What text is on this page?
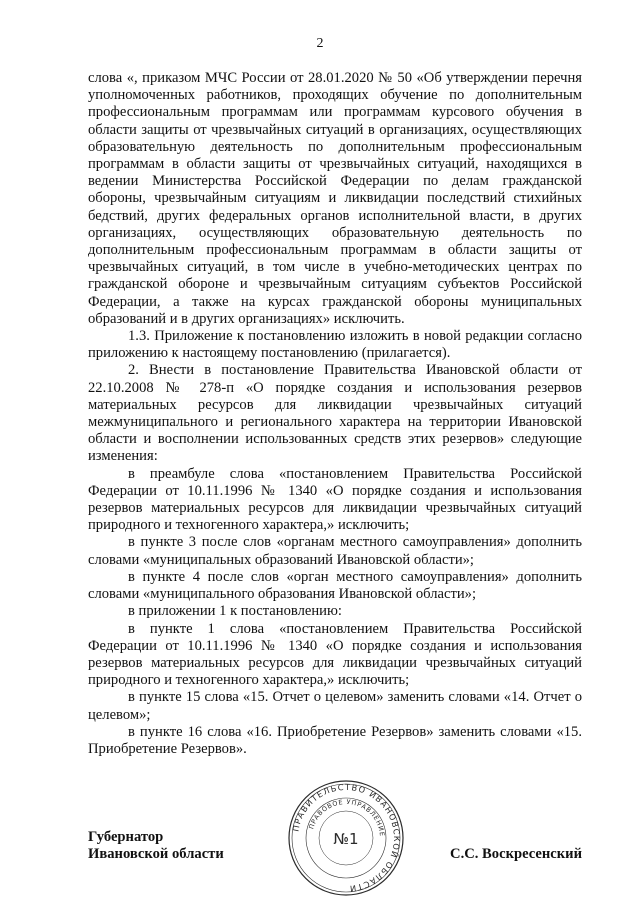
2

слова «, приказом МЧС России от 28.01.2020 № 50 «Об утверждении перечня уполномоченных работников, проходящих обучение по дополнительным профессиональным программам или программам курсового обучения в области защиты от чрезвычайных ситуаций в организациях, осуществляющих образовательную деятельность по дополнительным профессиональным программам в области защиты от чрезвычайных ситуаций, находящихся в ведении Министерства Российской Федерации по делам гражданской обороны, чрезвычайным ситуациям и ликвидации последствий стихийных бедствий, других федеральных органов исполнительной власти, в других организациях, осуществляющих образовательную деятельность по дополнительным профессиональным программам в области защиты от чрезвычайных ситуаций, в том числе в учебно-методических центрах по гражданской обороне и чрезвычайным ситуациям субъектов Российской Федерации, а также на курсах гражданской обороны муниципальных образований и в других организациях» исключить.

1.3. Приложение к постановлению изложить в новой редакции согласно приложению к настоящему постановлению (прилагается).

2. Внести в постановление Правительства Ивановской области от 22.10.2008 № 278-п «О порядке создания и использования резервов материальных ресурсов для ликвидации чрезвычайных ситуаций межмуниципального и регионального характера на территории Ивановской области и восполнении использованных средств этих резервов» следующие изменения:

в преамбуле слова «постановлением Правительства Российской Федерации от 10.11.1996 № 1340 «О порядке создания и использования резервов материальных ресурсов для ликвидации чрезвычайных ситуаций природного и техногенного характера,» исключить;

в пункте 3 после слов «органам местного самоуправления» дополнить словами «муниципальных образований Ивановской области»;

в пункте 4 после слов «орган местного самоуправления» дополнить словами «муниципального образования Ивановской области»;

в приложении 1 к постановлению:

в пункте 1 слова «постановлением Правительства Российской Федерации от 10.11.1996 № 1340 «О порядке создания и использования резервов материальных ресурсов для ликвидации чрезвычайных ситуаций природного и техногенного характера,» исключить;

в пункте 15 слова «15. Отчет о целевом» заменить словами «14. Отчет о целевом»;

в пункте 16 слова «16. Приобретение Резервов» заменить словами «15. Приобретение Резервов».

ПРАВИТЕЛЬСТВО ИВАНОВСКОЙ ОБЛАСТИ
ПРАВОВОЕ УПРАВЛЕНИЕ
№1
Губернатор
Ивановской области	С.С. Воскресенский
